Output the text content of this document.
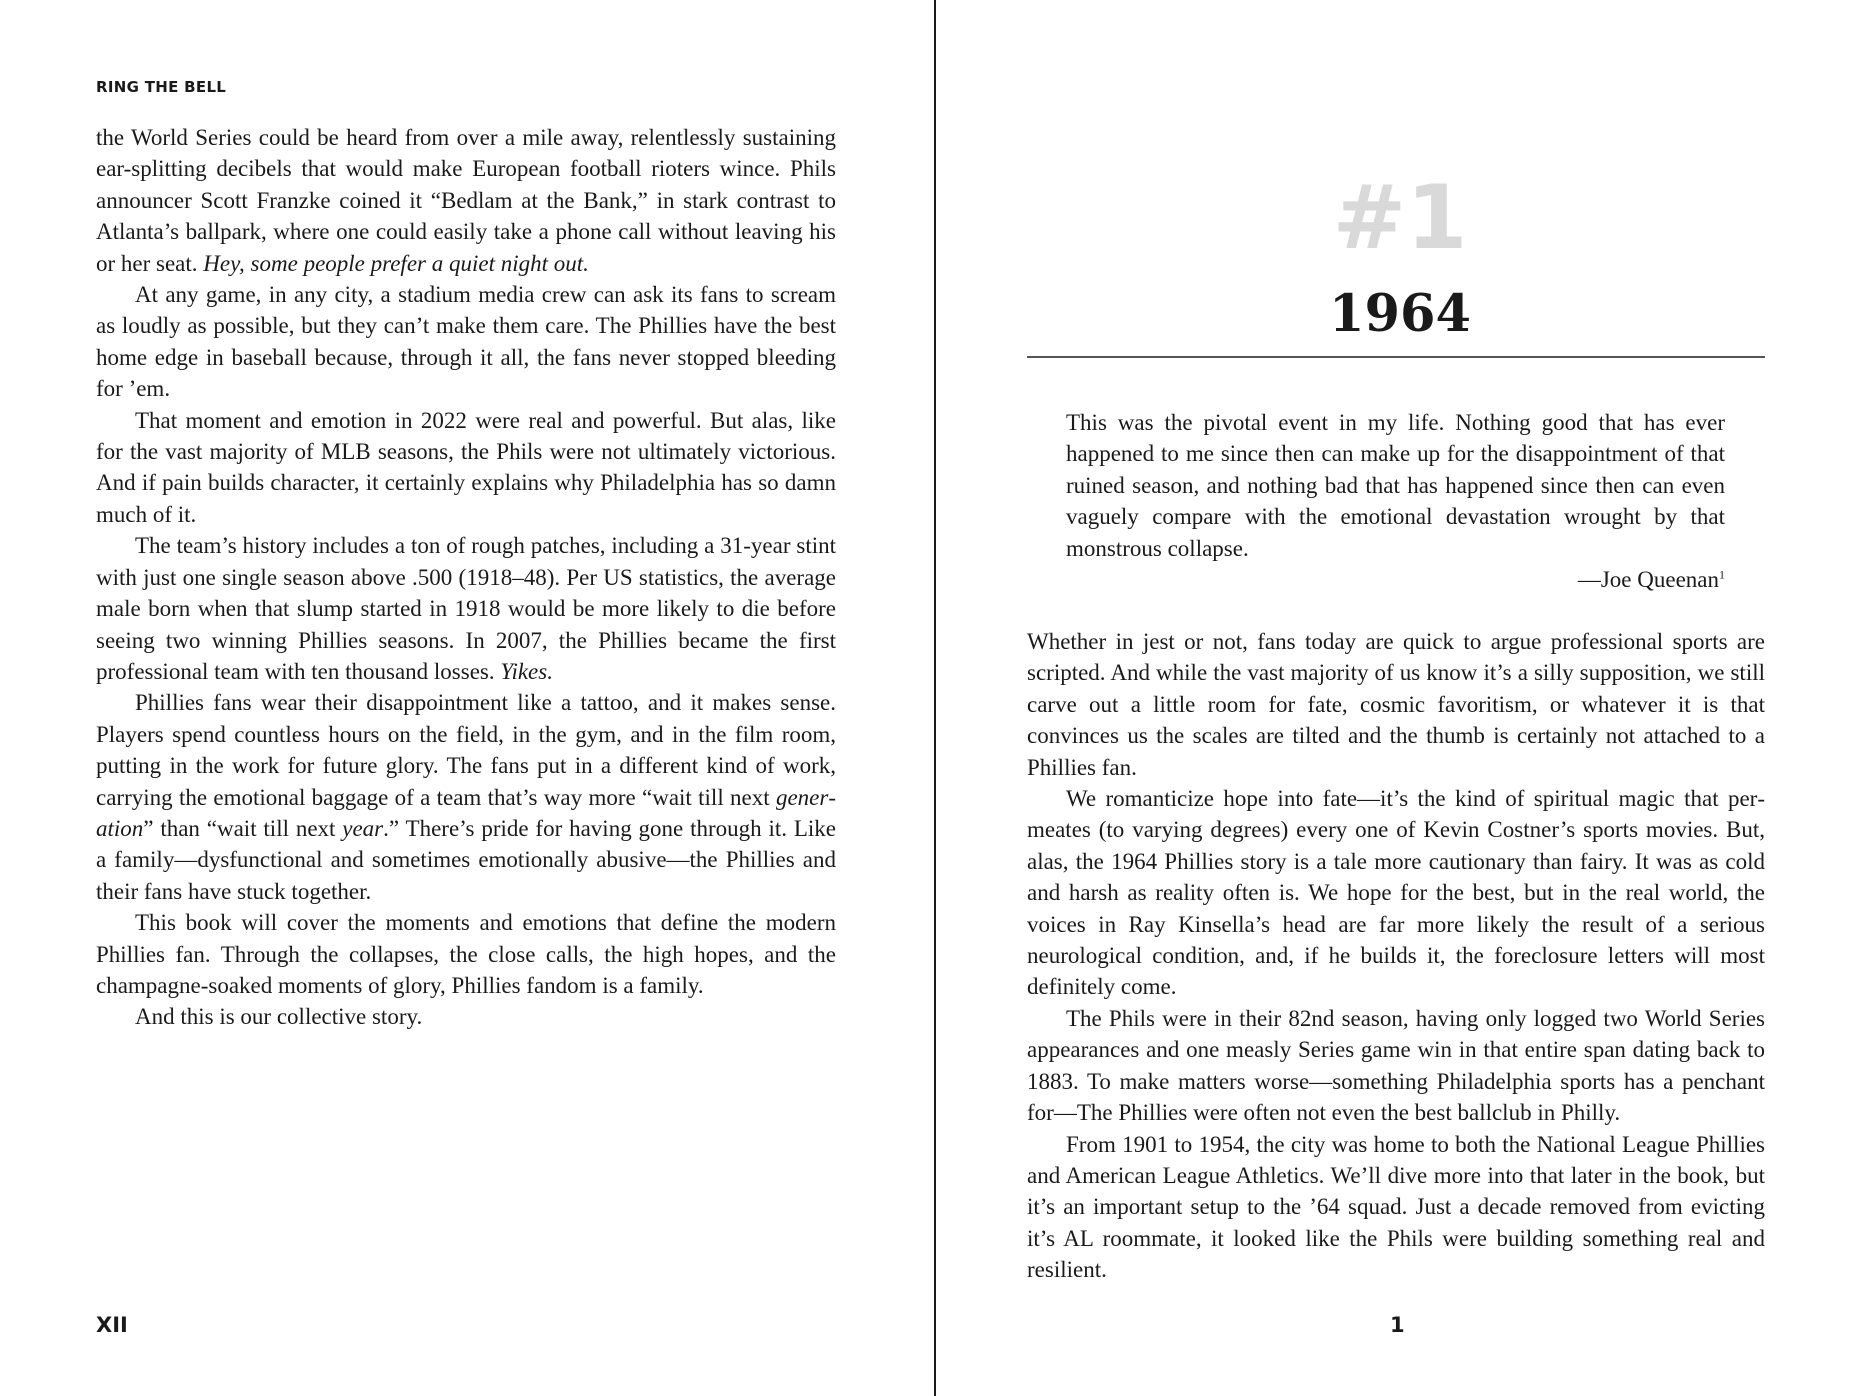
RING THE BELL

the World Series could be heard from over a mile away, relentlessly sustaining ear-splitting decibels that would make European football rioters wince. Phils announcer Scott Franzke coined it “Bedlam at the Bank,” in stark contrast to Atlanta’s ballpark, where one could easily take a phone call without leaving his or her seat. Hey, some people prefer a quiet night out.

At any game, in any city, a stadium media crew can ask its fans to scream as loudly as possible, but they can’t make them care. The Phillies have the best home edge in baseball because, through it all, the fans never stopped bleeding for ’em.

That moment and emotion in 2022 were real and powerful. But alas, like for the vast majority of MLB seasons, the Phils were not ultimately victorious. And if pain builds character, it certainly explains why Philadelphia has so damn much of it.

The team’s history includes a ton of rough patches, including a 31-year stint with just one single season above .500 (1918–48). Per US statistics, the average male born when that slump started in 1918 would be more likely to die before seeing two winning Phillies seasons. In 2007, the Phillies became the first professional team with ten thousand losses. Yikes.

Phillies fans wear their disappointment like a tattoo, and it makes sense. Players spend countless hours on the field, in the gym, and in the film room, putting in the work for future glory. The fans put in a different kind of work, carrying the emotional baggage of a team that’s way more “wait till next generation” than “wait till next year.” There’s pride for having gone through it. Like a family—dysfunctional and sometimes emotionally abusive—the Phillies and their fans have stuck together.

This book will cover the moments and emotions that define the modern Phillies fan. Through the collapses, the close calls, the high hopes, and the champagne-soaked moments of glory, Phillies fandom is a family.

And this is our collective story.

XII
#1
1964

This was the pivotal event in my life. Nothing good that has ever happened to me since then can make up for the disappointment of that ruined season, and nothing bad that has happened since then can even vaguely compare with the emotional devastation wrought by that monstrous collapse.

—Joe Queenan$^1$

Whether in jest or not, fans today are quick to argue professional sports are scripted. And while the vast majority of us know it’s a silly supposition, we still carve out a little room for fate, cosmic favoritism, or whatever it is that convinces us the scales are tilted and the thumb is certainly not attached to a Phillies fan.

We romanticize hope into fate—it’s the kind of spiritual magic that permeates (to varying degrees) every one of Kevin Costner’s sports movies. But, alas, the 1964 Phillies story is a tale more cautionary than fairy. It was as cold and harsh as reality often is. We hope for the best, but in the real world, the voices in Ray Kinsella’s head are far more likely the result of a serious neurological condition, and, if he builds it, the foreclosure letters will most definitely come.

The Phils were in their 82nd season, having only logged two World Series appearances and one measly Series game win in that entire span dating back to 1883. To make matters worse—something Philadelphia sports has a penchant for—The Phillies were often not even the best ballclub in Philly.

From 1901 to 1954, the city was home to both the National League Phillies and American League Athletics. We’ll dive more into that later in the book, but it’s an important setup to the ’64 squad. Just a decade removed from evicting it’s AL roommate, it looked like the Phils were building something real and resilient.

1
